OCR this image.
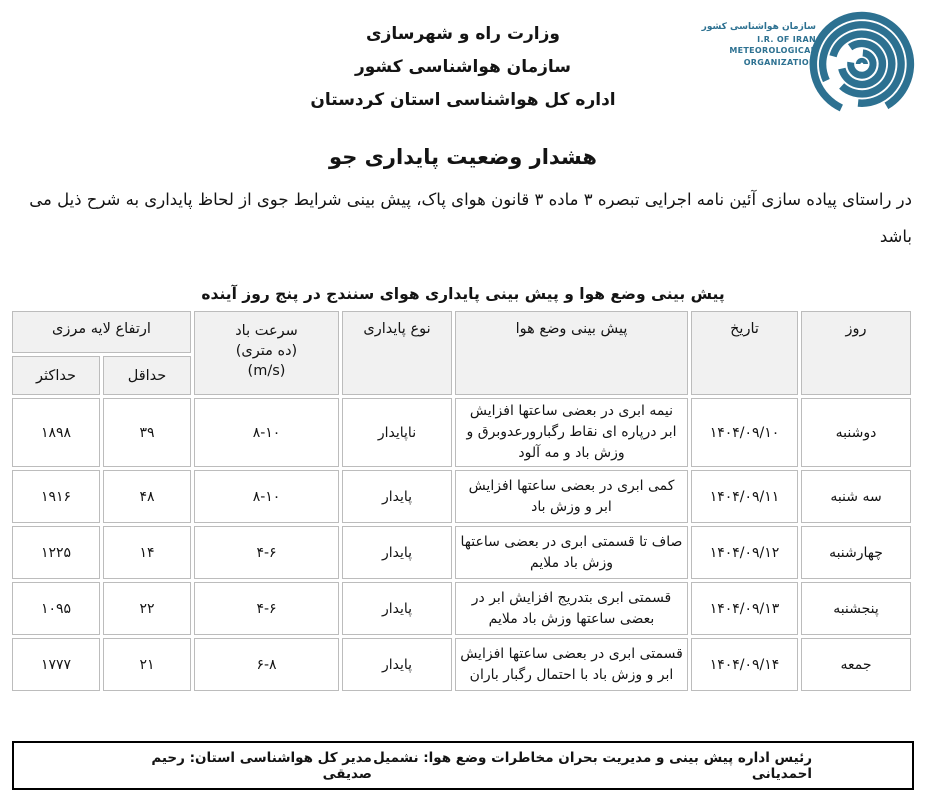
وزارت راه و شهرسازی
سازمان هواشناسی کشور
اداره کل هواشناسی استان کردستان
سازمان هواشناسی کشور
I.R. OF IRAN
METEOROLOGICAL
ORGANIZATION
هشدار وضعیت پایداری جو

در راستای پیاده سازی آئین نامه اجرایی تبصره ۳ ماده ۳ قانون هوای پاک، پیش بینی شرایط جوی از لحاظ پایداری به شرح ذیل می باشد

پیش بینی وضع هوا و پیش بینی پایداری هوای سنندج در پنج روز آینده
روز	تاریخ	پیش بینی وضع هوا	نوع پایداری	سرعت باد
(ده متری)
(m/s)	ارتفاع لایه مرزی	
					حداقل	حداکثر
دوشنبه	۱۴۰۴/۰۹/۱۰	نیمه ابری در بعضی ساعتها افزایش ابر درپاره ای نقاط رگبارورعدوبرق و وزش باد و مه آلود	ناپایدار	۸-۱۰	۳۹	۱۸۹۸
سه شنبه	۱۴۰۴/۰۹/۱۱	کمی ابری در بعضی ساعتها افزایش ابر و وزش باد	پایدار	۸-۱۰	۴۸	۱۹۱۶
چهارشنبه	۱۴۰۴/۰۹/۱۲	صاف تا قسمتی ابری در بعضی ساعتها وزش باد ملایم	پایدار	۴-۶	۱۴	۱۲۲۵
پنجشنبه	۱۴۰۴/۰۹/۱۳	قسمتی ابری بتدریج افزایش ابر در بعضی ساعتها وزش باد ملایم	پایدار	۴-۶	۲۲	۱۰۹۵
جمعه	۱۴۰۴/۰۹/۱۴	قسمتی ابری در بعضی ساعتها افزایش ابر و وزش باد با احتمال رگبار باران	پایدار	۶-۸	۲۱	۱۷۷۷
رئیس اداره پیش بینی و مدیریت بحران مخاطرات وضع هوا: نشمیل احمدیانی
مدیر کل هواشناسی استان: رحیم صدیقی
